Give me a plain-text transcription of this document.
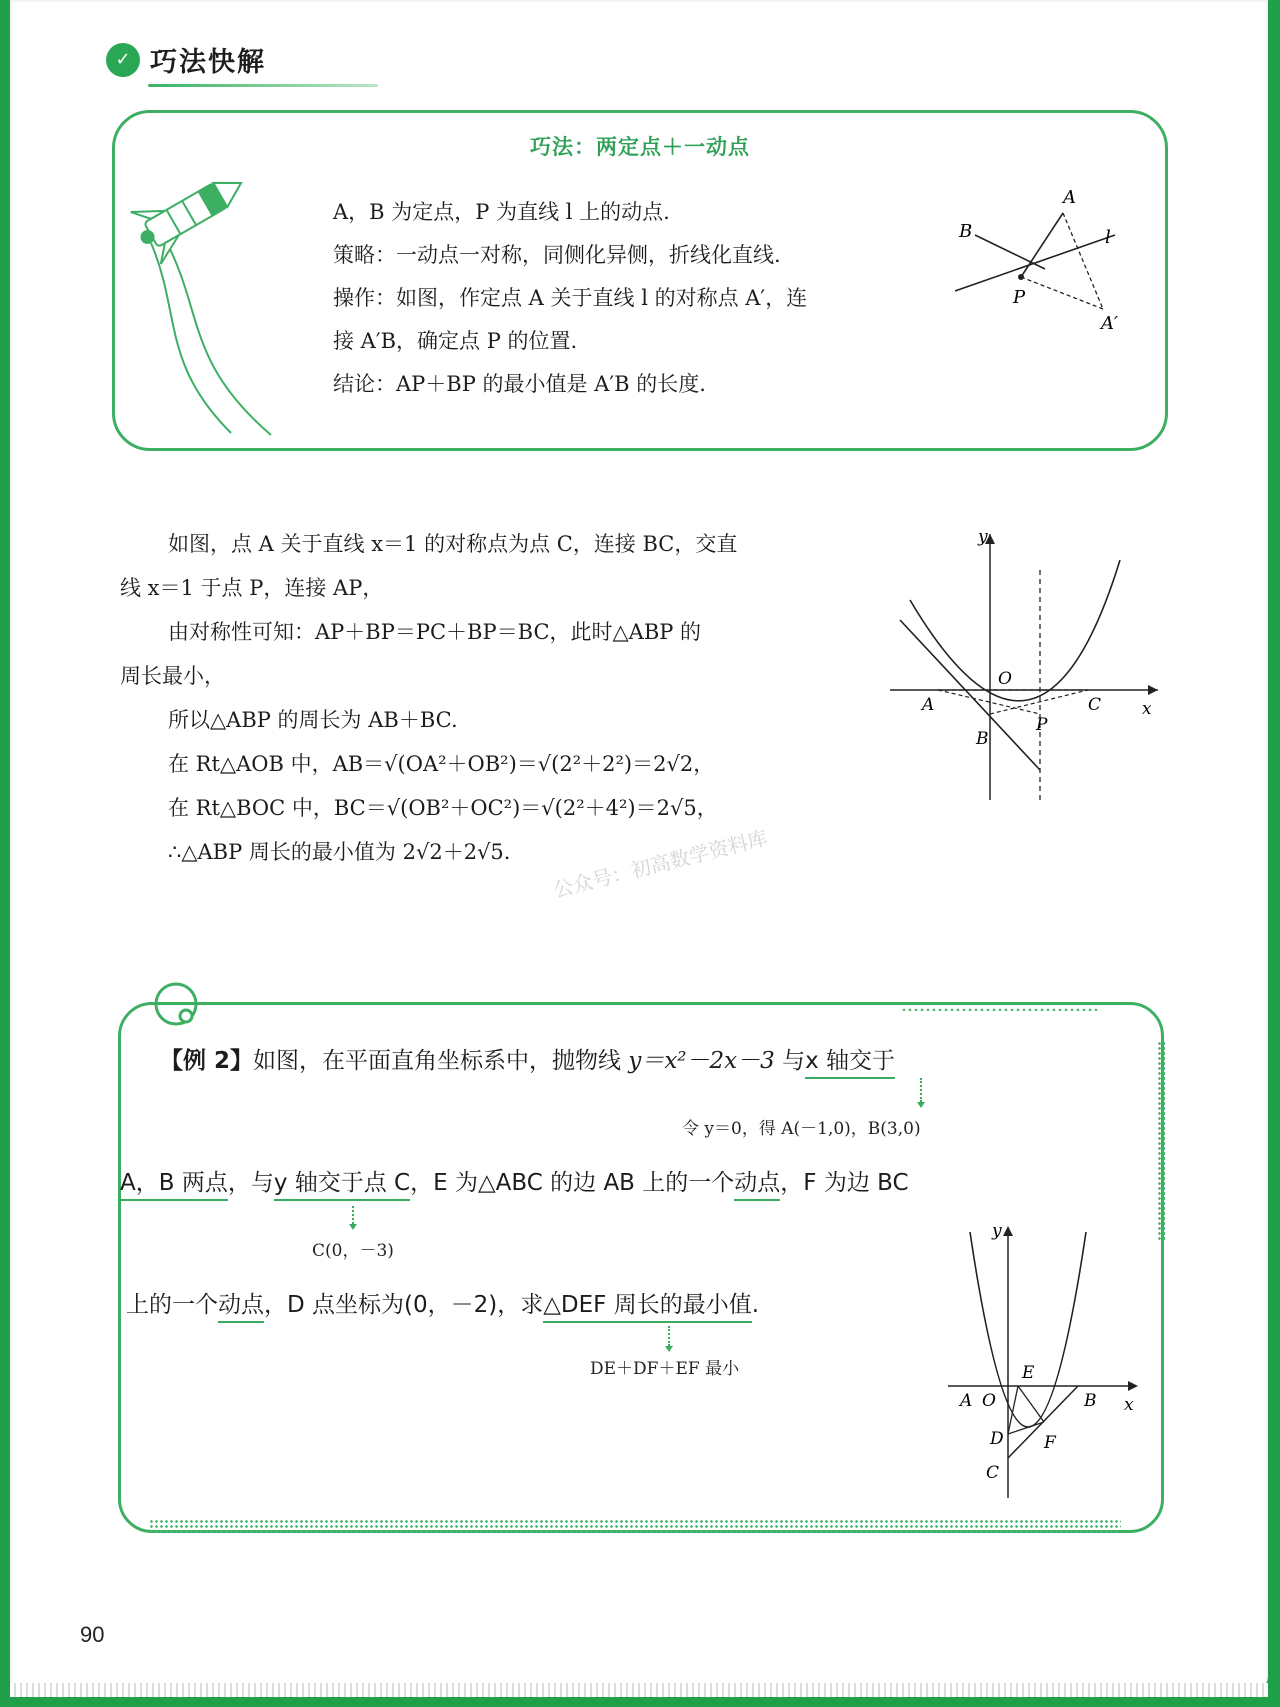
✓ 巧法快解
巧法：两定点＋一动点
A，B 为定点，P 为直线 l 上的动点.
策略：一动点一对称，同侧化异侧，折线化直线.
操作：如图，作定点 A 关于直线 l 的对称点 A′，连
接 A′B，确定点 P 的位置.
结论：AP＋BP 的最小值是 A′B 的长度.
A
B	l
P
A′
如图，点 A 关于直线 x＝1 的对称点为点 C，连接 BC，交直
线 x＝1 于点 P，连接 AP，
由对称性可知：AP＋BP＝PC＋BP＝BC，此时△ABP 的
周长最小，
所以△ABP 的周长为 AB＋BC.
在 Rt△AOB 中，AB＝√(OA²＋OB²)＝√(2²＋2²)＝2√2，
在 Rt△BOC 中，BC＝√(OB²＋OC²)＝√(2²＋4²)＝2√5，
∴△ABP 周长的最小值为 2√2＋2√5.	公众号：初高数学资料库
y
x
O
A
B
C
P
【例 2】如图，在平面直角坐标系中，抛物线 y＝x²－2x－3 与x 轴交于
令 y＝0，得 A(－1,0)，B(3,0)
A，B 两点，与y 轴交于点 C，E 为△ABC 的边 AB 上的一个动点，F 为边 BC
C(0，－3)
上的一个动点，D 点坐标为(0，－2)，求△DEF 周长的最小值.
DE＋DF＋EF 最小
y
x
A O
E
B
D F
C
90
